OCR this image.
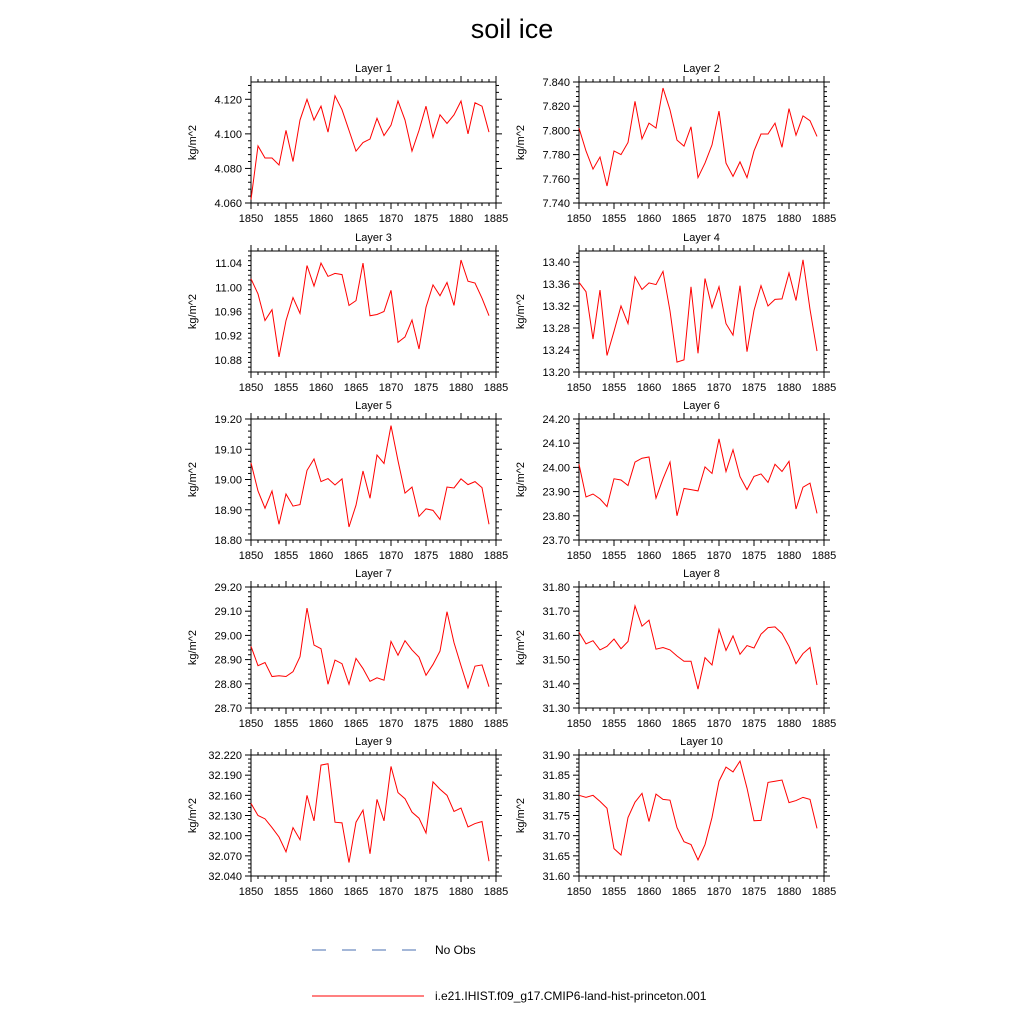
soil ice
1850 1855 1860 1865 1870 1875 1880 1885
4.060
4.080
4.100
4.120
Layer 1
kg/m^2
1850 1855 1860 1865 1870 1875 1880 1885
7.740
7.760
7.780
7.800
7.820
7.840
Layer 2
kg/m^2
1850 1855 1860 1865 1870 1875 1880 1885
10.88
10.92
10.96
11.00
11.04
Layer 3
kg/m^2
1850 1855 1860 1865 1870 1875 1880 1885
13.20
13.24
13.28
13.32
13.36
13.40
Layer 4
kg/m^2
1850 1855 1860 1865 1870 1875 1880 1885
18.80
18.90
19.00
19.10
19.20
Layer 5
kg/m^2
1850 1855 1860 1865 1870 1875 1880 1885
23.70
23.80
23.90
24.00
24.10
24.20
Layer 6
kg/m^2
1850 1855 1860 1865 1870 1875 1880 1885
28.70
28.80
28.90
29.00
29.10
29.20
Layer 7
kg/m^2
1850 1855 1860 1865 1870 1875 1880 1885
31.30
31.40
31.50
31.60
31.70
31.80
Layer 8
kg/m^2
1850 1855 1860 1865 1870 1875 1880 1885
32.040
32.070
32.100
32.130
32.160
32.190
32.220
Layer 9
kg/m^2
1850 1855 1860 1865 1870 1875 1880 1885
31.60
31.65
31.70
31.75
31.80
31.85
31.90
Layer 10
kg/m^2
No Obs
i.e21.IHIST.f09_g17.CMIP6-land-hist-princeton.001
